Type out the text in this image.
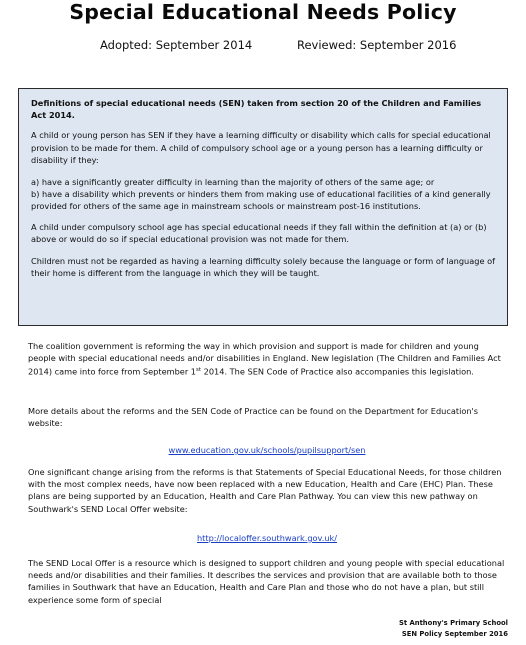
Special Educational Needs Policy
Adopted: September 2014	Reviewed: September 2016

Definitions of special educational needs (SEN) taken from section 20 of the Children and Families Act 2014.

A child or young person has SEN if they have a learning difficulty or disability which calls for special educational provision to be made for them. A child of compulsory school age or a young person has a learning difficulty or disability if they:

a) have a significantly greater difficulty in learning than the majority of others of the same age; or

b) have a disability which prevents or hinders them from making use of educational facilities of a kind generally provided for others of the same age in mainstream schools or mainstream post-16 institutions.

A child under compulsory school age has special educational needs if they fall within the definition at (a) or (b) above or would do so if special educational provision was not made for them.

Children must not be regarded as having a learning difficulty solely because the language or form of language of their home is different from the language in which they will be taught.

The coalition government is reforming the way in which provision and support is made for children and young people with special educational needs and/or disabilities in England. New legislation (The Children and Families Act 2014) came into force from September 1st 2014. The SEN Code of Practice also accompanies this legislation.

More details about the reforms and the SEN Code of Practice can be found on the Department for Education's website:

www.education.gov.uk/schools/pupilsupport/sen

One significant change arising from the reforms is that Statements of Special Educational Needs, for those children with the most complex needs, have now been replaced with a new Education, Health and Care (EHC) Plan. These plans are being supported by an Education, Health and Care Plan Pathway. You can view this new pathway on Southwark's SEND Local Offer website:

http://localoffer.southwark.gov.uk/

The SEND Local Offer is a resource which is designed to support children and young people with special educational needs and/or disabilities and their families. It describes the services and provision that are available both to those families in Southwark that have an Education, Health and Care Plan and those who do not have a plan, but still experience some form of special

St Anthony's Primary School
SEN Policy September 2016
